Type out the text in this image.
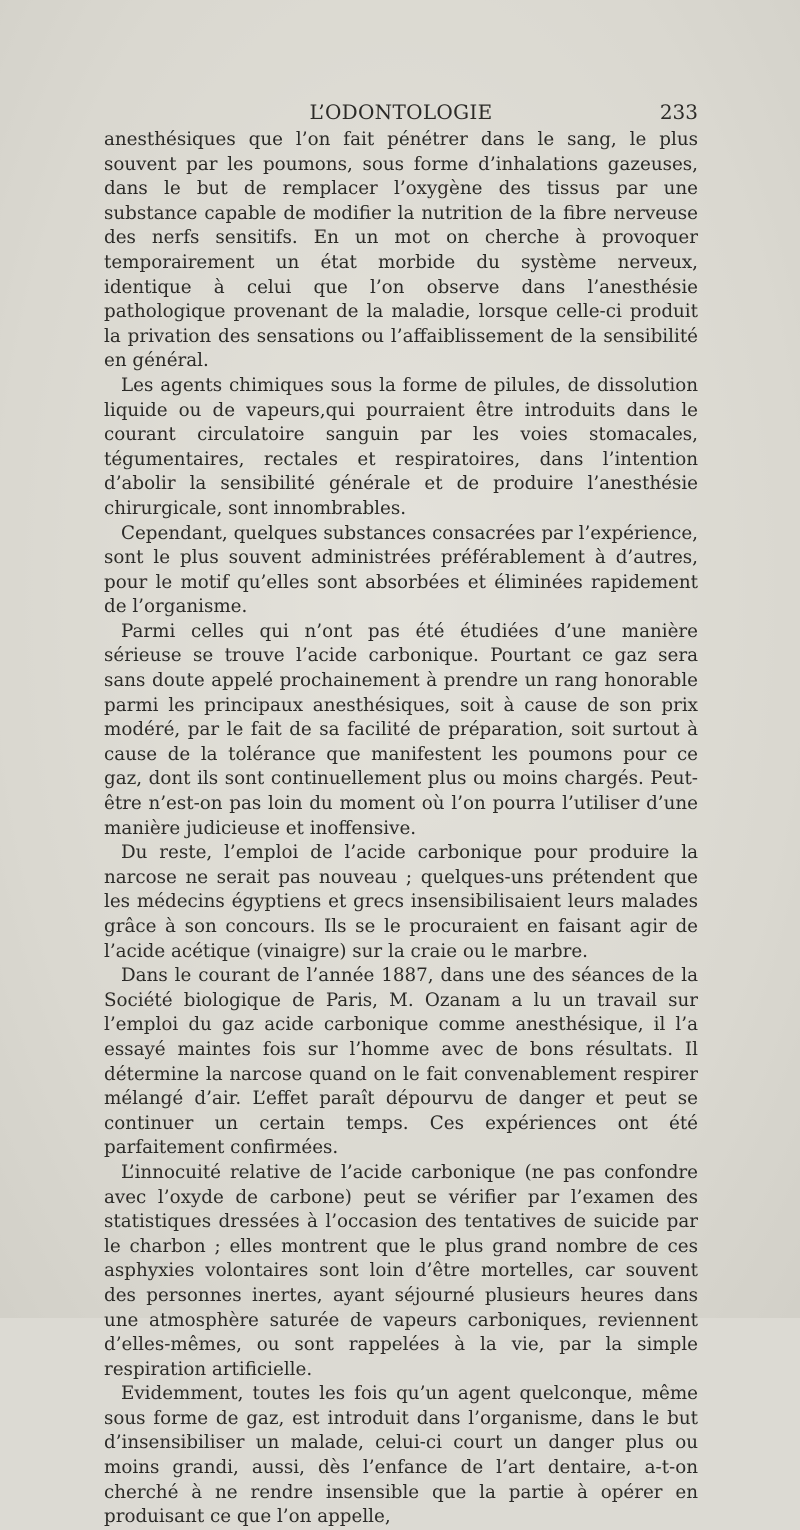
L’ODONTOLOGIE	233

anesthésiques que l’on fait pénétrer dans le sang, le plus souvent par les poumons, sous forme d’inhalations gazeuses, dans le but de remplacer l’oxygène des tissus par une substance capable de modifier la nutrition de la fibre nerveuse des nerfs sensitifs. En un mot on cherche à provoquer temporairement un état morbide du système nerveux, identique à celui que l’on observe dans l’anesthésie pathologique provenant de la maladie, lorsque celle-ci produit la privation des sensations ou l’affaiblissement de la sensibilité en général.

Les agents chimiques sous la forme de pilules, de dissolution liquide ou de vapeurs,qui pourraient être introduits dans le courant circulatoire sanguin par les voies stomacales, tégumentaires, rectales et respiratoires, dans l’intention d’abolir la sensibilité générale et de produire l’anesthésie chirurgicale, sont innombrables.

Cependant, quelques substances consacrées par l’expérience, sont le plus souvent administrées préférablement à d’autres, pour le motif qu’elles sont absorbées et éliminées rapidement de l’organisme.

Parmi celles qui n’ont pas été étudiées d’une manière sérieuse se trouve l’acide carbonique. Pourtant ce gaz sera sans doute appelé prochainement à prendre un rang honorable parmi les principaux anesthésiques, soit à cause de son prix modéré, par le fait de sa facilité de préparation, soit surtout à cause de la tolérance que manifestent les poumons pour ce gaz, dont ils sont continuellement plus ou moins chargés. Peut-être n’est-on pas loin du moment où l’on pourra l’utiliser d’une manière judicieuse et inoffensive.

Du reste, l’emploi de l’acide carbonique pour produire la narcose ne serait pas nouveau ; quelques-uns prétendent que les médecins égyptiens et grecs insensibilisaient leurs malades grâce à son concours. Ils se le procuraient en faisant agir de l’acide acétique (vinaigre) sur la craie ou le marbre.

Dans le courant de l’année 1887, dans une des séances de la Société biologique de Paris, M. Ozanam a lu un travail sur l’emploi du gaz acide carbonique comme anesthésique, il l’a essayé maintes fois sur l’homme avec de bons résultats. Il détermine la narcose quand on le fait convenablement respirer mélangé d’air. L’effet paraît dépourvu de danger et peut se continuer un certain temps. Ces expériences ont été parfaitement confirmées.

L’innocuité relative de l’acide carbonique (ne pas confondre avec l’oxyde de carbone) peut se vérifier par l’examen des statistiques dressées à l’occasion des tentatives de suicide par le charbon ; elles montrent que le plus grand nombre de ces asphyxies volontaires sont loin d’être mortelles, car souvent des personnes inertes, ayant séjourné plusieurs heures dans une atmosphère saturée de vapeurs carboniques, reviennent d’elles-mêmes, ou sont rappelées à la vie, par la simple respiration artificielle.

Evidemment, toutes les fois qu’un agent quelconque, même sous forme de gaz, est introduit dans l’organisme, dans le but d’insensibiliser un malade, celui-ci court un danger plus ou moins grandi, aussi, dès l’enfance de l’art dentaire, a-t-on cherché à ne rendre insensible que la partie à opérer en produisant ce que l’on appelle,
